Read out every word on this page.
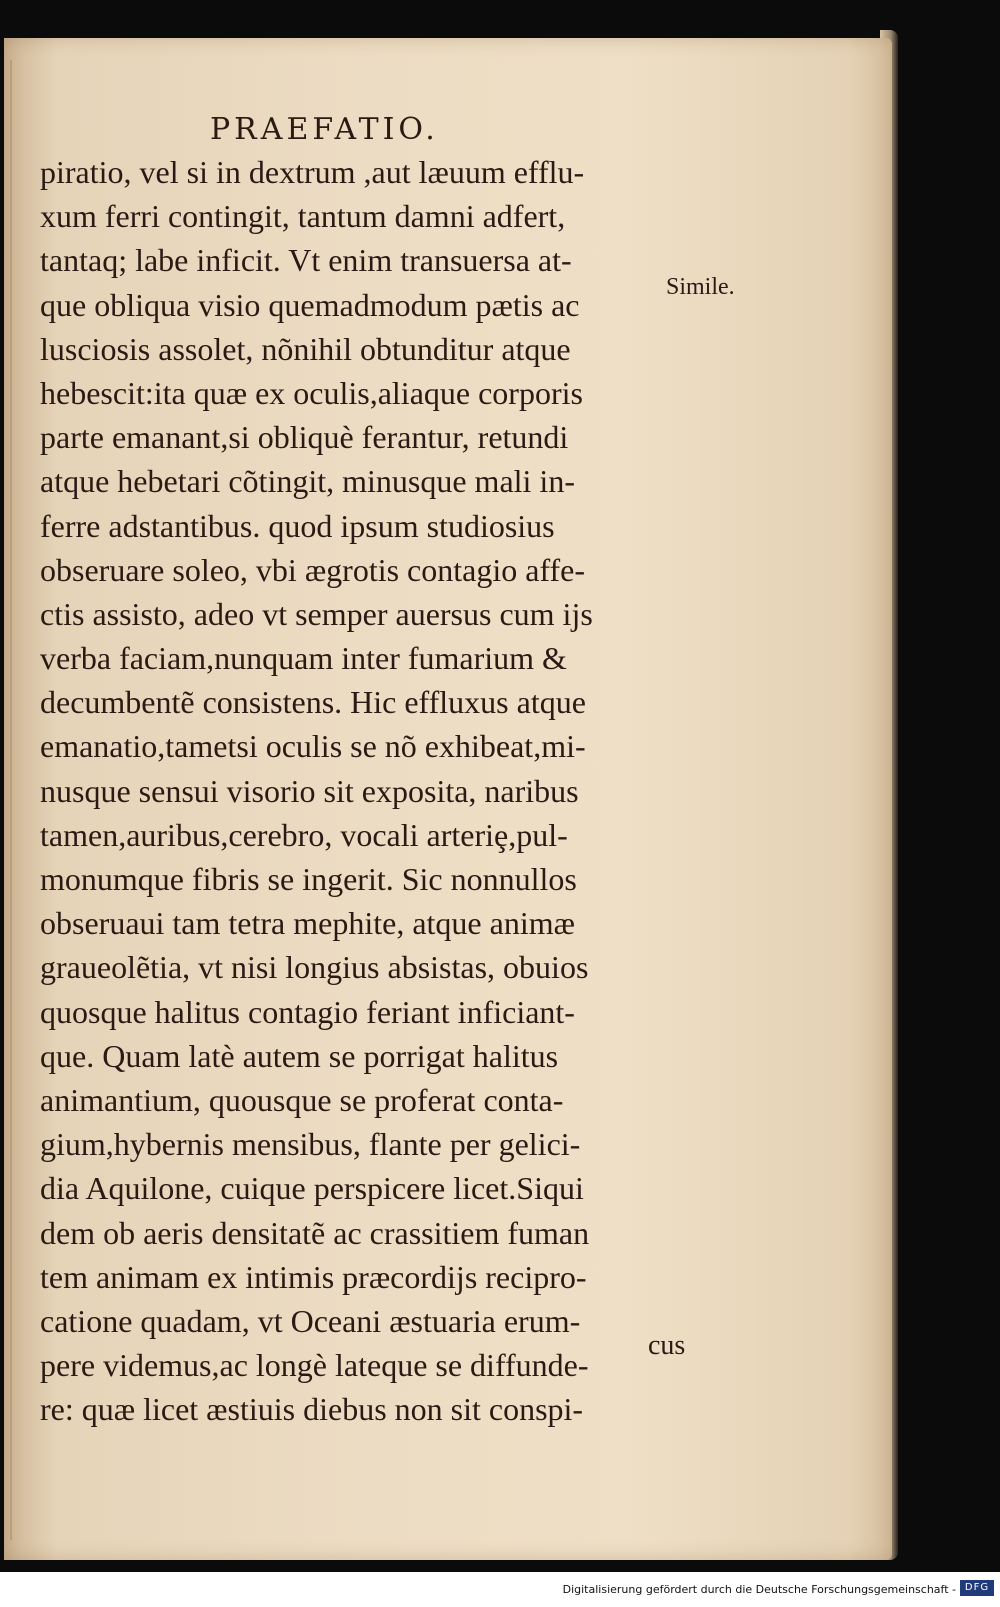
PRAEFATIO.
piratio, vel si in dextrum ,aut læuum efflu-
xum ferri contingit, tantum damni adfert,
tantaq; labe inficit. Vt enim transuersa at-
que obliqua visio quemadmodum pætis ac
lusciosis assolet, nõnihil obtunditur atque
hebescit:ita quæ ex oculis,aliaque corporis
parte emanant,si obliquè ferantur, retundi
atque hebetari cõtingit, minusque mali in-
ferre adstantibus. quod ipsum studiosius
obseruare soleo, vbi ægrotis contagio affe-
ctis assisto, adeo vt semper auersus cum ijs
verba faciam,nunquam inter fumarium &
decumbentẽ consistens. Hic effluxus atque
emanatio,tametsi oculis se nõ exhibeat,mi-
nusque sensui visorio sit exposita, naribus
tamen,auribus,cerebro, vocali arteriȩ,pul-
monumque fibris se ingerit. Sic nonnullos
obseruaui tam tetra mephite, atque animæ
graueolẽtia, vt nisi longius absistas, obuios
quosque halitus contagio feriant inficiant-
que. Quam latè autem se porrigat halitus
animantium, quousque se proferat conta-
gium,hybernis mensibus, flante per gelici-
dia Aquilone, cuique perspicere licet.Siqui
dem ob aeris densitatẽ ac crassitiem fuman
tem animam ex intimis præcordijs recipro-
catione quadam, vt Oceani æstuaria erum-
pere videmus,ac longè lateque se diffunde-
re: quæ licet æstiuis diebus non sit conspi-
Simile.
cus
Digitalisierung gefördert durch die Deutsche Forschungsgemeinschaft - DFG
